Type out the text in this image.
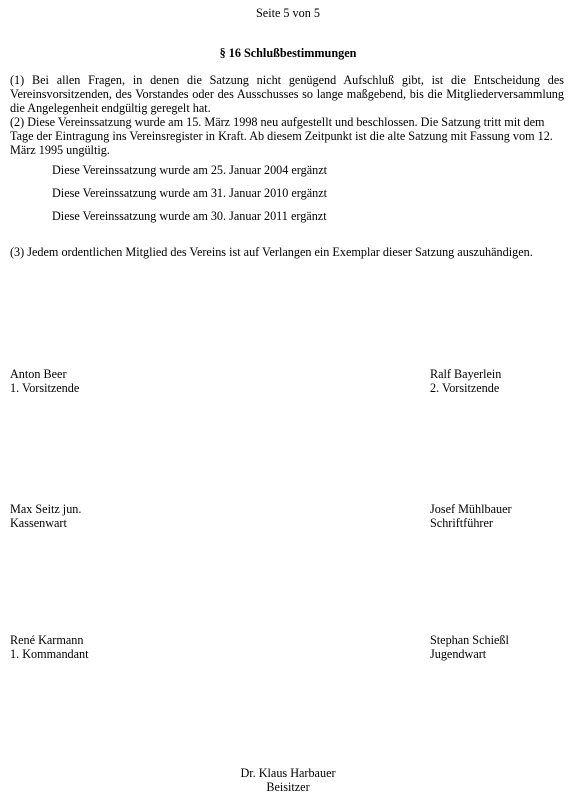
Seite 5 von 5
§ 16 Schlußbestimmungen
(1) Bei allen Fragen, in denen die Satzung nicht genügend Aufschluß gibt, ist die Entscheidung des Vereinsvorsitzenden, des Vorstandes oder des Ausschusses so lange maßgebend, bis die Mitgliederversammlung die Angelegenheit endgültig geregelt hat.
(2) Diese Vereinssatzung wurde am 15. März 1998 neu aufgestellt und beschlossen. Die Satzung tritt mit dem Tage der Eintragung ins Vereinsregister in Kraft. Ab diesem Zeitpunkt ist die alte Satzung mit Fassung vom 12. März 1995 ungültig.
Diese Vereinssatzung wurde am 25. Januar 2004 ergänzt
Diese Vereinssatzung wurde am 31. Januar 2010 ergänzt
Diese Vereinssatzung wurde am 30. Januar 2011 ergänzt
(3) Jedem ordentlichen Mitglied des Vereins ist auf Verlangen ein Exemplar dieser Satzung auszuhändigen.
Anton Beer
1. Vorsitzende
Ralf Bayerlein
2. Vorsitzende
Max Seitz jun.
Kassenwart
Josef Mühlbauer
Schriftführer
René Karmann
1. Kommandant
Stephan Schießl
Jugendwart
Dr. Klaus Harbauer
Beisitzer
